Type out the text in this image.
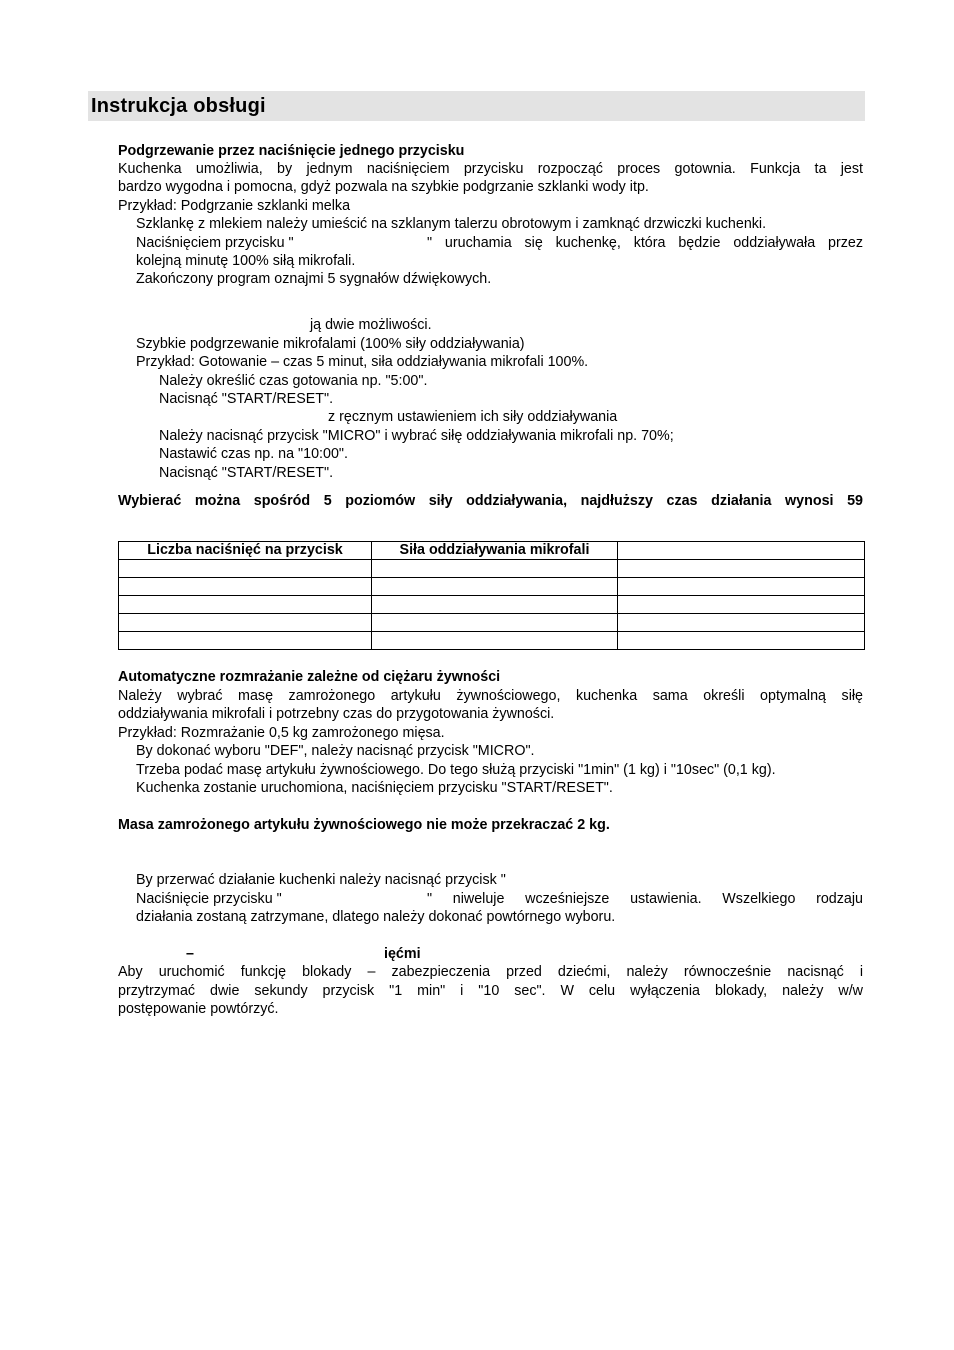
Instrukcja obsługi
Podgrzewanie przez naciśnięcie jednego przycisku
Kuchenka umożliwia, by jednym naciśnięciem przycisku rozpocząć proces gotownia. Funkcja ta jest
bardzo wygodna i pomocna, gdyż pozwala na szybkie podgrzanie szklanki wody itp.
Przykład: Podgrzanie szklanki melka
Szklankę z mlekiem należy umieścić na szklanym talerzu obrotowym i zamknąć drzwiczki kuchenki.
Naciśnięciem przycisku "	" uruchamia się kuchenkę, która będzie oddziaływała przez
kolejną minutę 100% siłą mikrofali.
Zakończony program oznajmi 5 sygnałów dźwiękowych.
ją dwie możliwości.
Szybkie podgrzewanie mikrofalami (100% siły oddziaływania)
Przykład: Gotowanie – czas 5 minut, siła oddziaływania mikrofali 100%.
Należy określić czas gotowania np. "5:00".
Nacisnąć "START/RESET".
z ręcznym ustawieniem ich siły oddziaływania
Należy nacisnąć przycisk "MICRO" i wybrać siłę oddziaływania mikrofali np. 70%;
Nastawić czas np. na "10:00".
Nacisnąć "START/RESET".
Wybierać można spośród 5 poziomów siły oddziaływania, najdłuższy czas działania wynosi 59
Liczba naciśnięć na przycisk	Siła oddziaływania mikrofali	

Automatyczne rozmrażanie zależne od ciężaru żywności
Należy wybrać masę zamrożonego artykułu żywnościowego, kuchenka sama określi optymalną siłę
oddziaływania mikrofali i potrzebny czas do przygotowania żywności.
Przykład: Rozmrażanie 0,5 kg zamrożonego mięsa.
By dokonać wyboru "DEF", należy nacisnąć przycisk "MICRO".
Trzeba podać masę artykułu żywnościowego. Do tego służą przyciski "1min" (1 kg) i "10sec" (0,1 kg).
Kuchenka zostanie uruchomiona, naciśnięciem przycisku "START/RESET".
Masa zamrożonego artykułu żywnościowego nie może przekraczać 2 kg.
By przerwać działanie kuchenki należy nacisnąć przycisk "
Naciśnięcie przycisku "	" niweluje wcześniejsze ustawienia. Wszelkiego rodzaju
działania zostaną zatrzymane, dlatego należy dokonać powtórnego wyboru.
–	ięćmi
Aby uruchomić funkcję blokady – zabezpieczenia przed dziećmi, należy równocześnie nacisnąć i
przytrzymać dwie sekundy przycisk "1 min" i "10 sec". W celu wyłączenia blokady, należy w/w
postępowanie powtórzyć.
